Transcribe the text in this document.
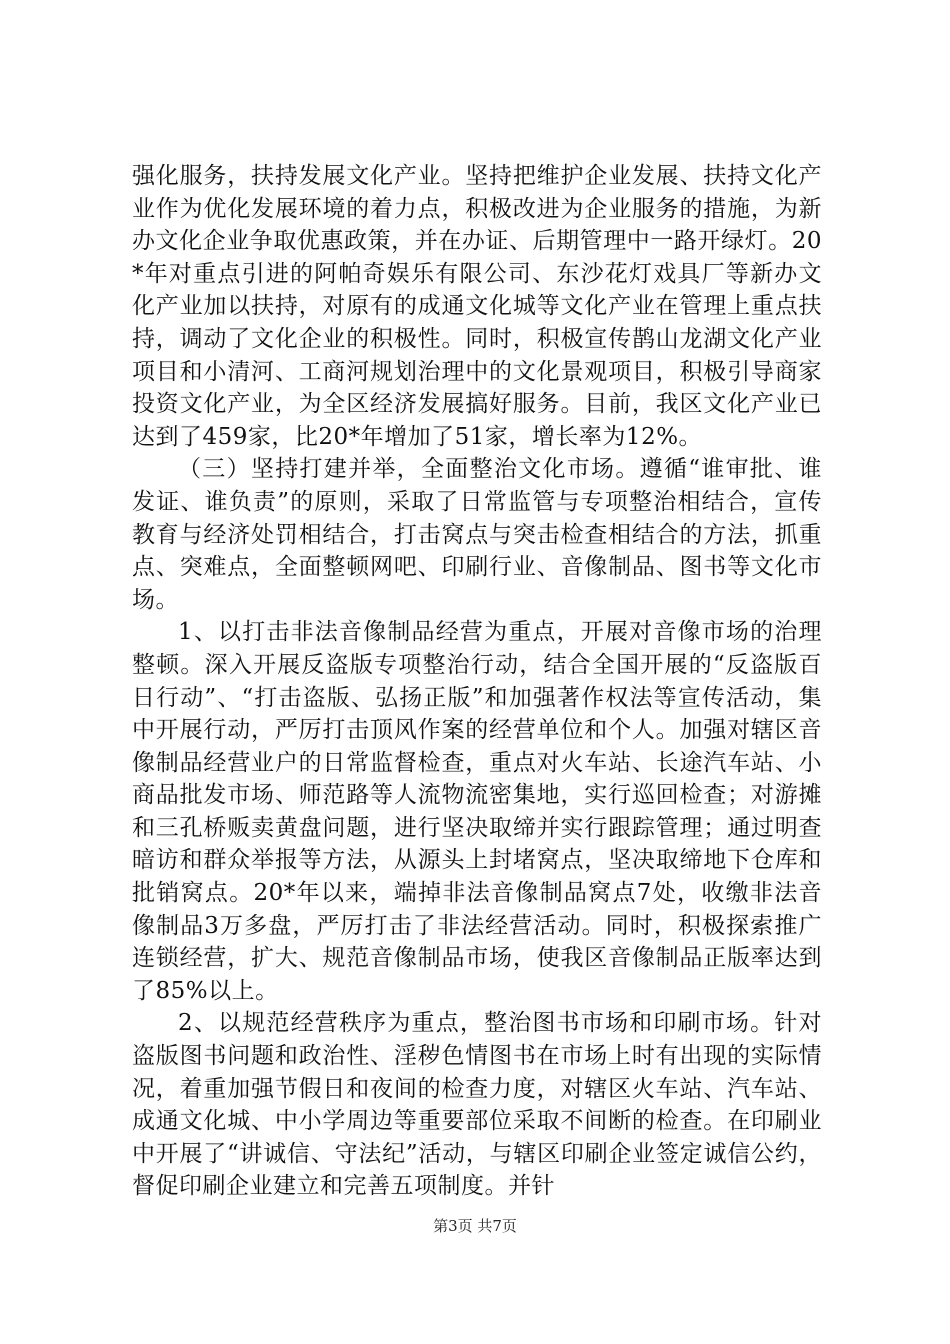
强化服务，扶持发展文化产业。坚持把维护企业发展、扶持文化产业作为优化发展环境的着力点，积极改进为企业服务的措施，为新办文化企业争取优惠政策，并在办证、后期管理中一路开绿灯。20*年对重点引进的阿帕奇娱乐有限公司、东沙花灯戏具厂等新办文化产业加以扶持，对原有的成通文化城等文化产业在管理上重点扶持，调动了文化企业的积极性。同时，积极宣传鹊山龙湖文化产业项目和小清河、工商河规划治理中的文化景观项目，积极引导商家投资文化产业，为全区经济发展搞好服务。目前，我区文化产业已达到了459家，比20*年增加了51家，增长率为12%。

（三）坚持打建并举，全面整治文化市场。遵循“谁审批、谁发证、谁负责”的原则，采取了日常监管与专项整治相结合，宣传教育与经济处罚相结合，打击窝点与突击检查相结合的方法，抓重点、突难点，全面整顿网吧、印刷行业、音像制品、图书等文化市场。

1、以打击非法音像制品经营为重点，开展对音像市场的治理整顿。深入开展反盗版专项整治行动，结合全国开展的“反盗版百日行动”、“打击盗版、弘扬正版”和加强著作权法等宣传活动，集中开展行动，严厉打击顶风作案的经营单位和个人。加强对辖区音像制品经营业户的日常监督检查，重点对火车站、长途汽车站、小商品批发市场、师范路等人流物流密集地，实行巡回检查；对游摊和三孔桥贩卖黄盘问题，进行坚决取缔并实行跟踪管理；通过明查暗访和群众举报等方法，从源头上封堵窝点，坚决取缔地下仓库和批销窝点。20*年以来，端掉非法音像制品窝点7处，收缴非法音像制品3万多盘，严厉打击了非法经营活动。同时，积极探索推广连锁经营，扩大、规范音像制品市场，使我区音像制品正版率达到了85%以上。

2、以规范经营秩序为重点，整治图书市场和印刷市场。针对盗版图书问题和政治性、淫秽色情图书在市场上时有出现的实际情况，着重加强节假日和夜间的检查力度，对辖区火车站、汽车站、成通文化城、中小学周边等重要部位采取不间断的检查。在印刷业中开展了“讲诚信、守法纪”活动，与辖区印刷企业签定诚信公约，督促印刷企业建立和完善五项制度。并针

第3页 共7页
